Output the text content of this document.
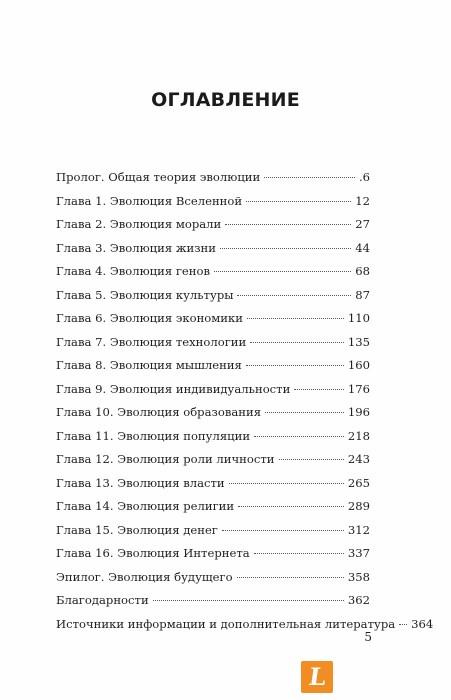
ОГЛАВЛЕНИЕ
Пролог. Общая теория эволюции	.6
Глава 1. Эволюция Вселенной	12
Глава 2. Эволюция морали	27
Глава 3. Эволюция жизни	44
Глава 4. Эволюция генов	68
Глава 5. Эволюция культуры	87
Глава 6. Эволюция экономики	110
Глава 7. Эволюция технологии	135
Глава 8. Эволюция мышления	160
Глава 9. Эволюция индивидуальности	176
Глава 10. Эволюция образования	196
Глава 11. Эволюция популяции	218
Глава 12. Эволюция роли личности	243
Глава 13. Эволюция власти	265
Глава 14. Эволюция религии	289
Глава 15. Эволюция денег	312
Глава 16. Эволюция Интернета	337
Эпилог. Эволюция будущего	358
Благодарности	362
Источники информации и дополнительная литература 364
5
L
